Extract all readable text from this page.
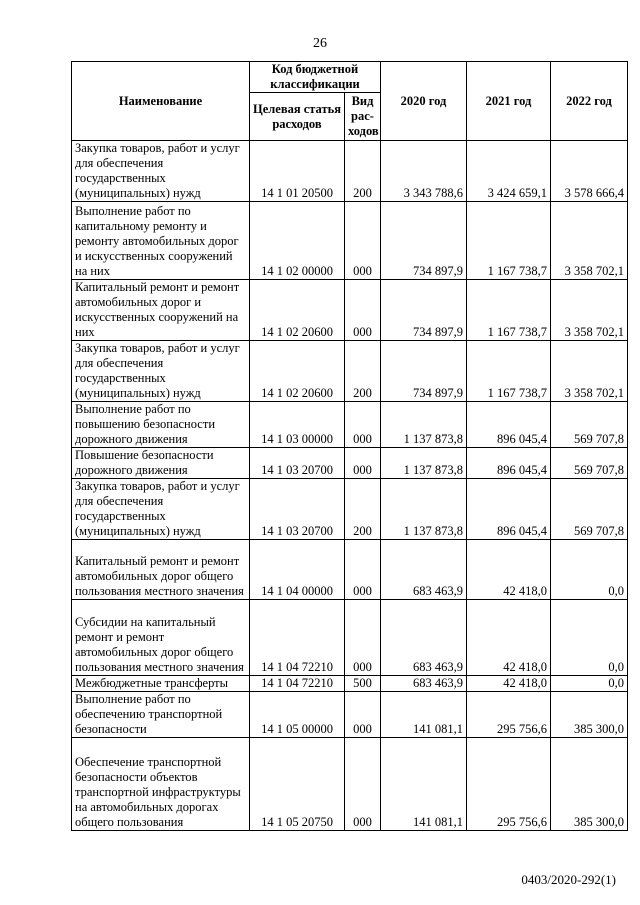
26
Наименование	Код бюджетной классификации		2020 год	2021 год	2022 год
	Целевая статья расходов	Вид рас-ходов			
Закупка товаров, работ и услуг для обеспечения государственных (муниципальных) нужд	14 1 01 20500	200	3 343 788,6	3 424 659,1	3 578 666,4
Выполнение работ по капитальному ремонту и ремонту автомобильных дорог и искусственных сооружений на них	14 1 02 00000	000	734 897,9	1 167 738,7	3 358 702,1
Капитальный ремонт и ремонт автомобильных дорог и искусственных сооружений на них	14 1 02 20600	000	734 897,9	1 167 738,7	3 358 702,1
Закупка товаров, работ и услуг для обеспечения государственных (муниципальных) нужд	14 1 02 20600	200	734 897,9	1 167 738,7	3 358 702,1
Выполнение работ по повышению безопасности дорожного движения	14 1 03 00000	000	1 137 873,8	896 045,4	569 707,8
Повышение безопасности дорожного движения	14 1 03 20700	000	1 137 873,8	896 045,4	569 707,8
Закупка товаров, работ и услуг для обеспечения государственных (муниципальных) нужд	14 1 03 20700	200	1 137 873,8	896 045,4	569 707,8
Капитальный ремонт и ремонт автомобильных дорог общего пользования местного значения	14 1 04 00000	000	683 463,9	42 418,0	0,0
Субсидии на капитальный ремонт и ремонт автомобильных дорог общего пользования местного значения	14 1 04 72210	000	683 463,9	42 418,0	0,0
Межбюджетные трансферты	14 1 04 72210	500	683 463,9	42 418,0	0,0
Выполнение работ по обеспечению транспортной безопасности	14 1 05 00000	000	141 081,1	295 756,6	385 300,0
Обеспечение транспортной безопасности объектов транспортной инфраструктуры на автомобильных дорогах общего пользования	14 1 05 20750	000	141 081,1	295 756,6	385 300,0
0403/2020-292(1)
